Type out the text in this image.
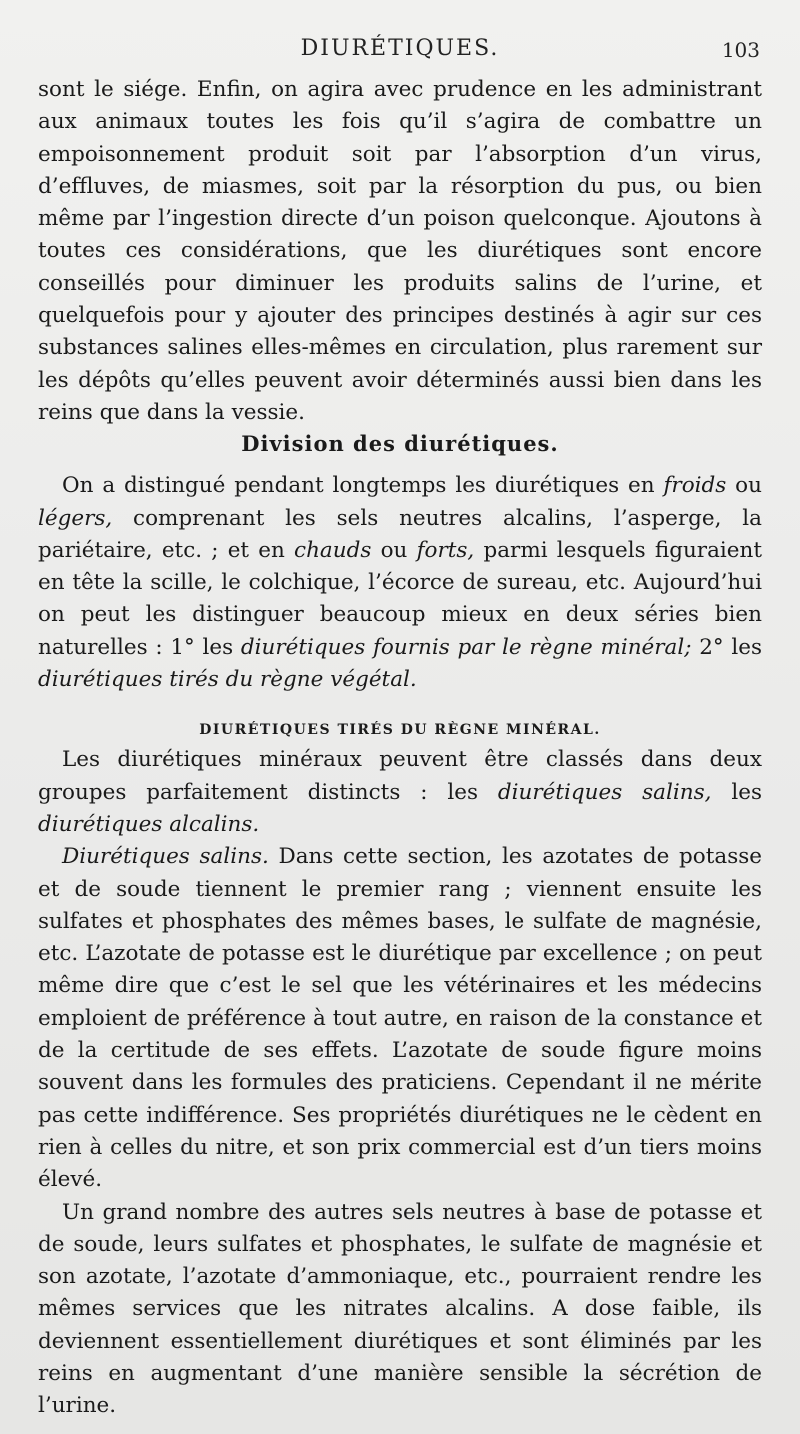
DIURÉTIQUES.	103

sont le siége. Enfin, on agira avec prudence en les administrant aux animaux toutes les fois qu’il s’agira de combattre un empoisonnement produit soit par l’absorption d’un virus, d’effluves, de miasmes, soit par la résorption du pus, ou bien même par l’ingestion directe d’un poison quelconque. Ajoutons à toutes ces considérations, que les diurétiques sont encore conseillés pour diminuer les produits salins de l’urine, et quelquefois pour y ajouter des principes destinés à agir sur ces substances salines elles-mêmes en circulation, plus rarement sur les dépôts qu’elles peuvent avoir déterminés aussi bien dans les reins que dans la vessie.

Division des diurétiques.

On a distingué pendant longtemps les diurétiques en froids ou légers, comprenant les sels neutres alcalins, l’asperge, la pariétaire, etc. ; et en chauds ou forts, parmi lesquels figuraient en tête la scille, le colchique, l’écorce de sureau, etc. Aujourd’hui on peut les distinguer beaucoup mieux en deux séries bien naturelles : 1° les diurétiques fournis par le règne minéral; 2° les diurétiques tirés du règne végétal.

DIURÉTIQUES TIRÉS DU RÈGNE MINÉRAL.

Les diurétiques minéraux peuvent être classés dans deux groupes parfaitement distincts : les diurétiques salins, les diurétiques alcalins.

Diurétiques salins. Dans cette section, les azotates de potasse et de soude tiennent le premier rang ; viennent ensuite les sulfates et phosphates des mêmes bases, le sulfate de magnésie, etc. L’azotate de potasse est le diurétique par excellence ; on peut même dire que c’est le sel que les vétérinaires et les médecins emploient de préférence à tout autre, en raison de la constance et de la certitude de ses effets. L’azotate de soude figure moins souvent dans les formules des praticiens. Cependant il ne mérite pas cette indifférence. Ses propriétés diurétiques ne le cèdent en rien à celles du nitre, et son prix commercial est d’un tiers moins élevé.

Un grand nombre des autres sels neutres à base de potasse et de soude, leurs sulfates et phosphates, le sulfate de magnésie et son azotate, l’azotate d’ammoniaque, etc., pourraient rendre les mêmes services que les nitrates alcalins. A dose faible, ils deviennent essentiellement diurétiques et sont éliminés par les reins en augmentant d’une manière sensible la sécrétion de l’urine.
